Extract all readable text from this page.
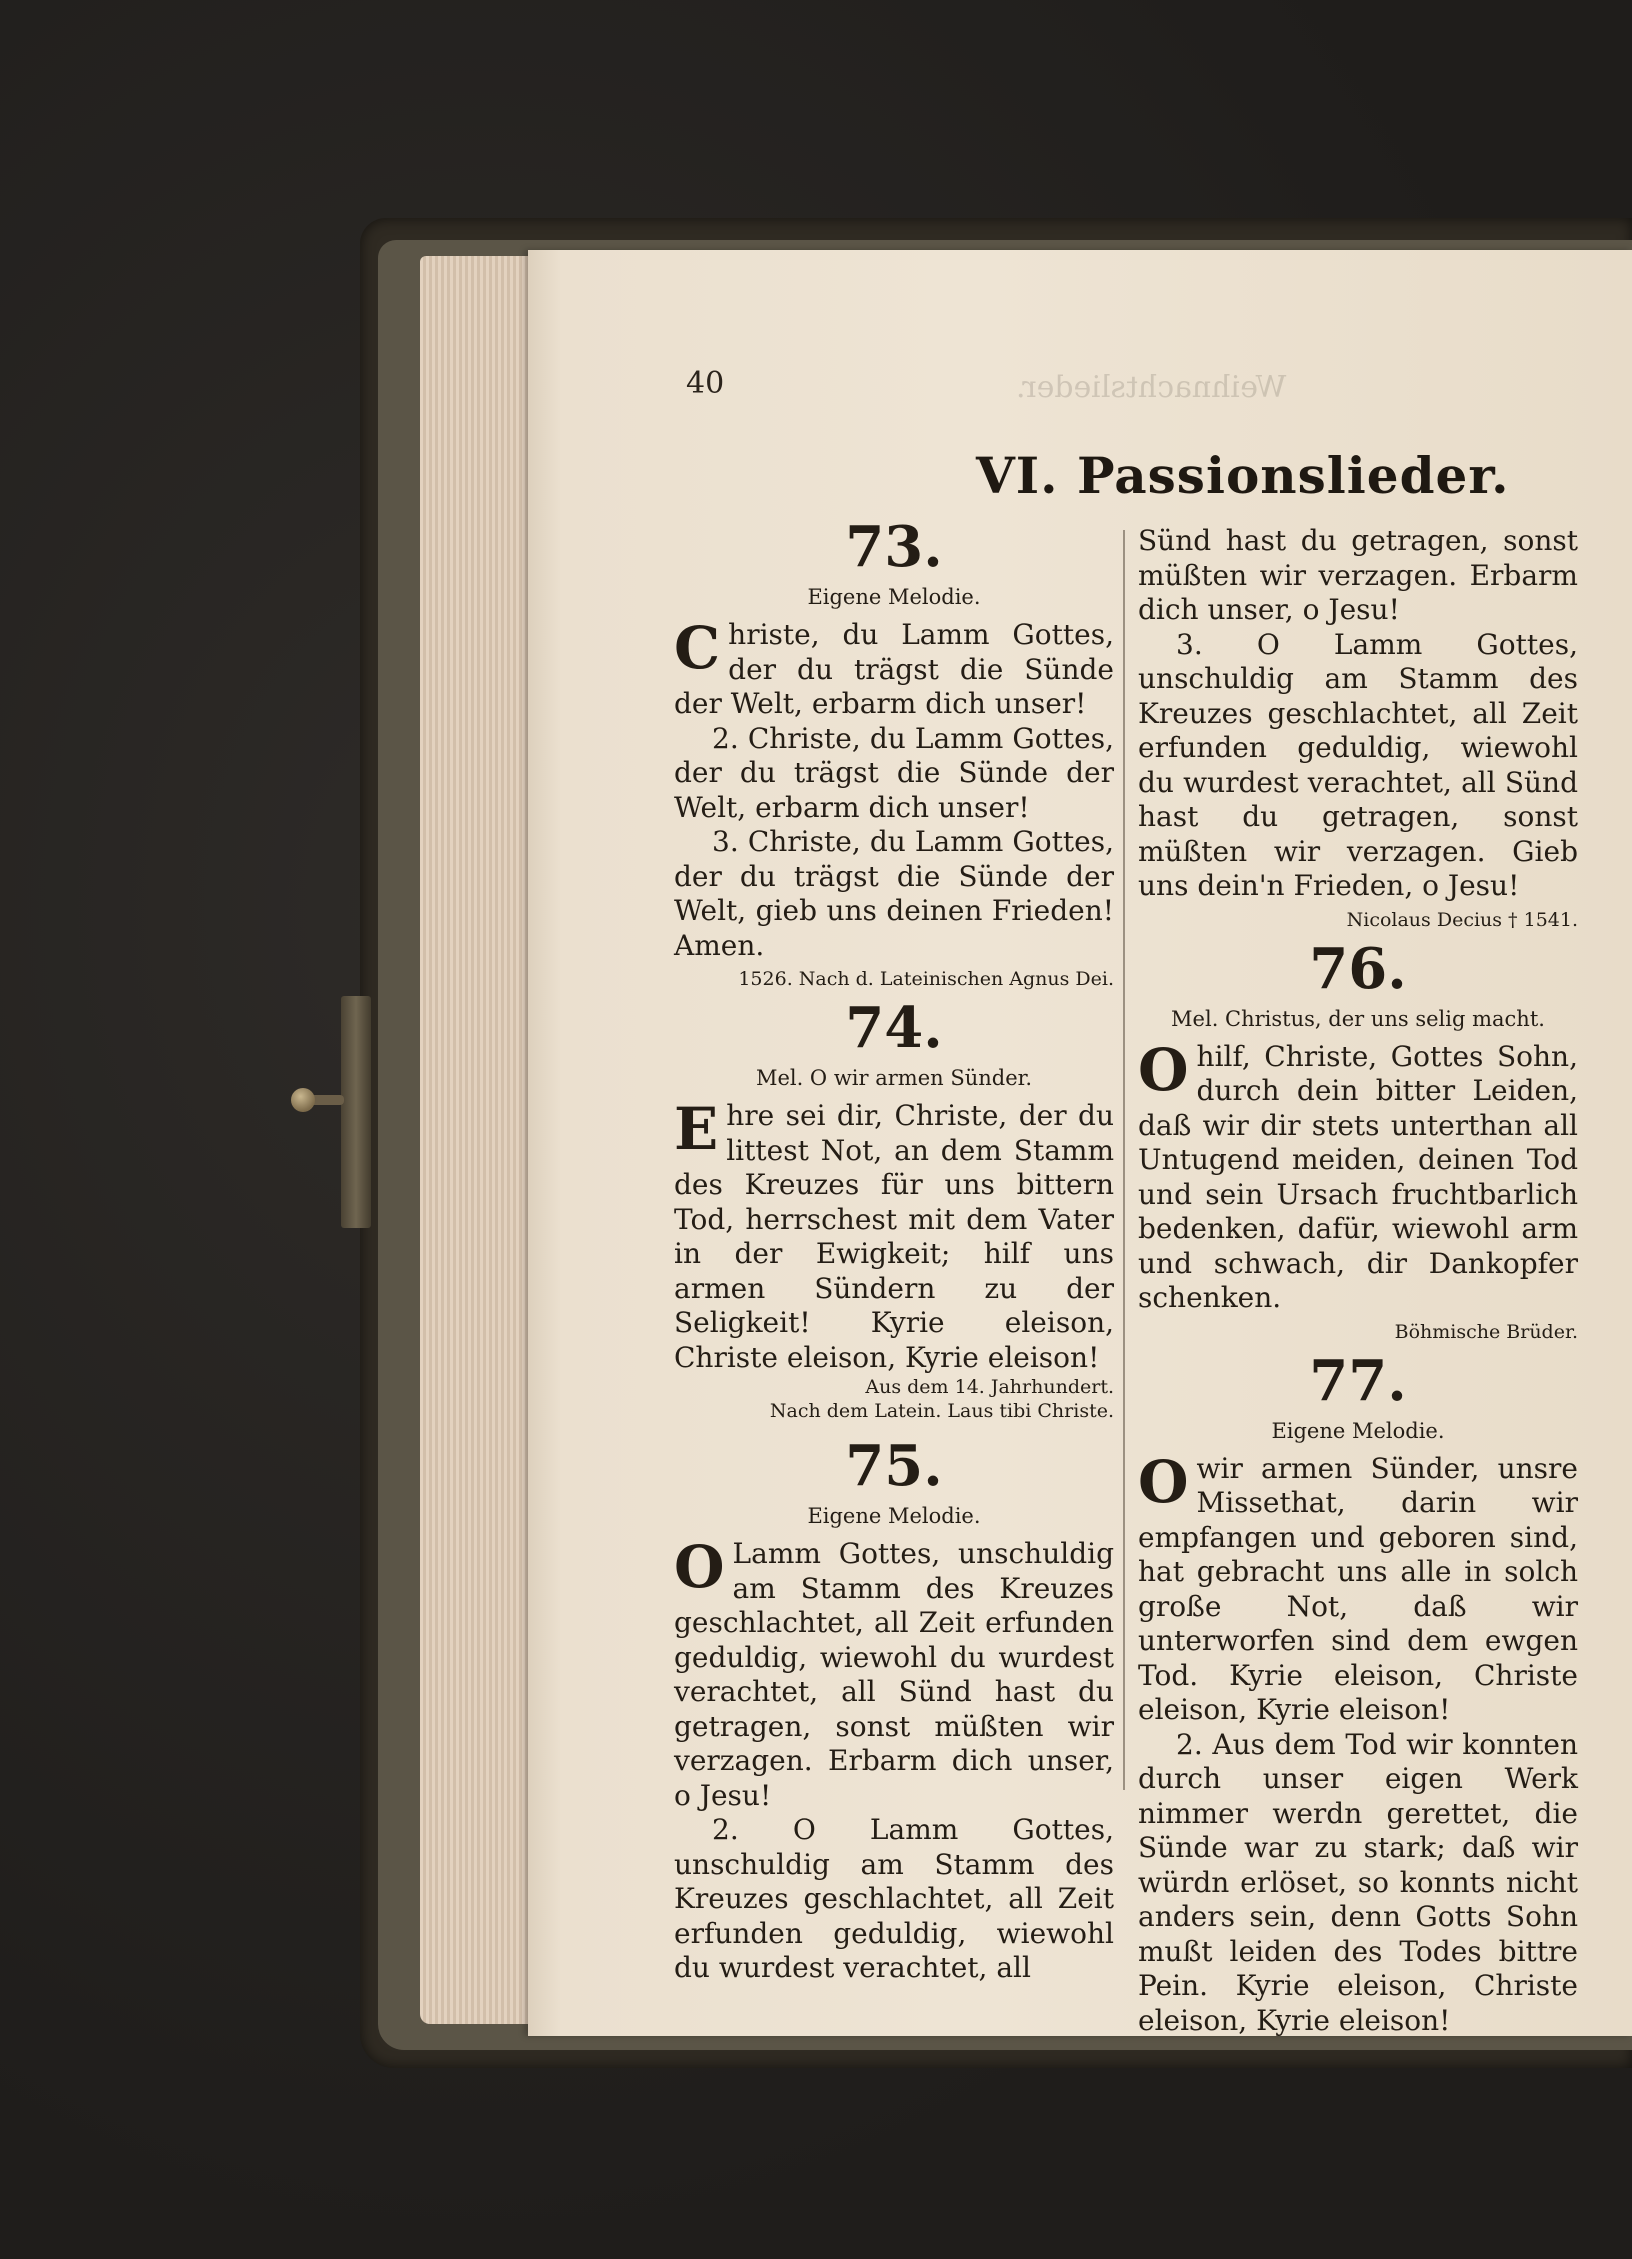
Weihnachtslieder.
40
VI. Passionslieder.

73.

Eigene Melodie.

Christe, du Lamm Gottes, der du trägst die Sünde der Welt, erbarm dich unser!

2. Christe, du Lamm Gottes, der du trägst die Sünde der Welt, erbarm dich unser!

3. Christe, du Lamm Gottes, der du trägst die Sünde der Welt, gieb uns deinen Frieden! Amen.

1526. Nach d. Lateinischen Agnus Dei.

74.

Mel. O wir armen Sünder.

Ehre sei dir, Christe, der du littest Not, an dem Stamm des Kreuzes für uns bittern Tod, herrschest mit dem Vater in der Ewigkeit; hilf uns armen Sündern zu der Seligkeit! Kyrie eleison, Christe eleison, Kyrie eleison!

Aus dem 14. Jahrhundert.

Nach dem Latein. Laus tibi Christe.

75.

Eigene Melodie.

O Lamm Gottes, unschuldig am Stamm des Kreuzes geschlachtet, all Zeit erfunden geduldig, wiewohl du wurdest verachtet, all Sünd hast du getragen, sonst müßten wir verzagen. Erbarm dich unser, o Jesu!

2. O Lamm Gottes, unschuldig am Stamm des Kreuzes geschlachtet, all Zeit erfunden geduldig, wiewohl du wurdest verachtet, all

Sünd hast du getragen, sonst müßten wir verzagen. Erbarm dich unser, o Jesu!

3. O Lamm Gottes, unschuldig am Stamm des Kreuzes geschlachtet, all Zeit erfunden geduldig, wiewohl du wurdest verachtet, all Sünd hast du getragen, sonst müßten wir verzagen. Gieb uns dein'n Frieden, o Jesu!

Nicolaus Decius † 1541.

76.

Mel. Christus, der uns selig macht.

Ohilf, Christe, Gottes Sohn, durch dein bitter Leiden, daß wir dir stets unterthan all Untugend meiden, deinen Tod und sein Ursach fruchtbarlich bedenken, dafür, wiewohl arm und schwach, dir Dankopfer schenken.

Böhmische Brüder.

77.

Eigene Melodie.

Owir armen Sünder, unsre Missethat, darin wir empfangen und geboren sind, hat gebracht uns alle in solch große Not, daß wir unterworfen sind dem ewgen Tod. Kyrie eleison, Christe eleison, Kyrie eleison!

2. Aus dem Tod wir konnten durch unser eigen Werk nimmer werdn gerettet, die Sünde war zu stark; daß wir würdn erlöset, so konnts nicht anders sein, denn Gotts Sohn mußt leiden des Todes bittre Pein. Kyrie eleison, Christe eleison, Kyrie eleison!
